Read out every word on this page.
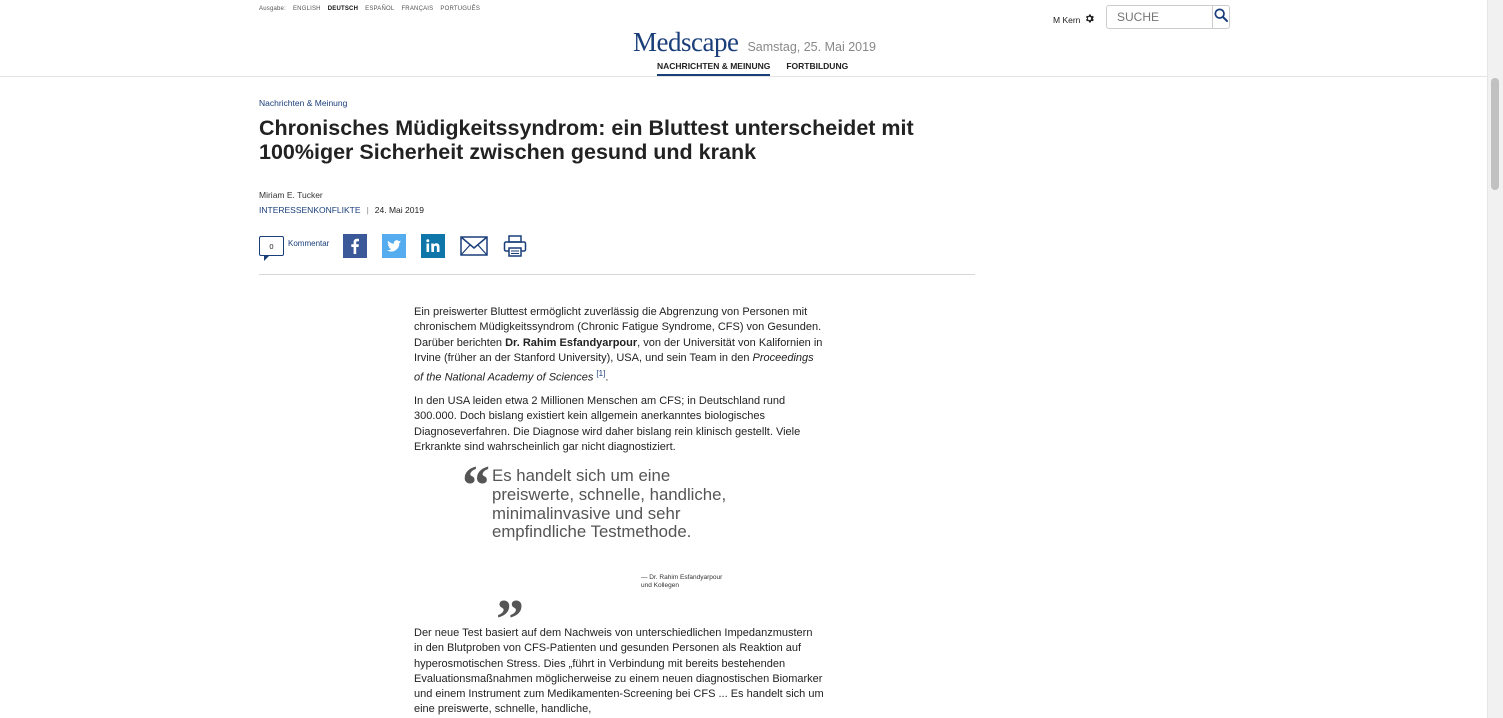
Ausgabe: ENGLISH DEUTSCH ESPAÑOL FRANÇAIS PORTUGUÊS
Medscape Samstag, 25. Mai 2019
NACHRICHTEN & MEINUNG FORTBILDUNG
M Kern
SUCHE
Nachrichten & Meinung
Chronisches Müdigkeitssyndrom: ein Bluttest unterscheidet mit 100%iger Sicherheit zwischen gesund und krank
Miriam E. Tucker
INTERESSENKONFLIKTE | 24. Mai 2019
0 Kommentar

Ein preiswerter Bluttest ermöglicht zuverlässig die Abgrenzung von Personen mit chronischem Müdigkeitssyndrom (Chronic Fatigue Syndrome, CFS) von Gesunden. Darüber berichten Dr. Rahim Esfandyarpour, von der Universität von Kalifornien in Irvine (früher an der Stanford University), USA, und sein Team in den Proceedings of the National Academy of Sciences [1].

In den USA leiden etwa 2 Millionen Menschen am CFS; in Deutschland rund 300.000. Doch bislang existiert kein allgemein anerkanntes biologisches Diagnoseverfahren. Die Diagnose wird daher bislang rein klinisch gestellt. Viele Erkrankte sind wahrscheinlich gar nicht diagnostiziert.
“ Es handelt sich um eine preiswerte, schnelle, handliche, minimalinvasive und sehr empfindliche Testmethode.
— Dr. Rahim Esfandyarpour und Kollegen
”
Der neue Test basiert auf dem Nachweis von unterschiedlichen Impedanzmustern in den Blutproben von CFS-Patienten und gesunden Personen als Reaktion auf hyperosmotischen Stress. Dies „führt in Verbindung mit bereits bestehenden Evaluationsmaßnahmen möglicherweise zu einem neuen diagnostischen Biomarker und einem Instrument zum Medikamenten-Screening bei CFS ... Es handelt sich um eine preiswerte, schnelle, handliche,
